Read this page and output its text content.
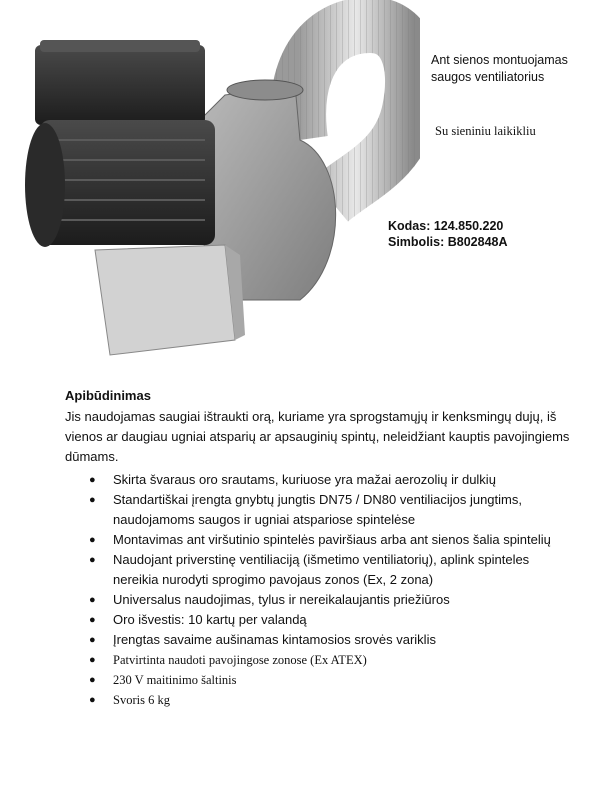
Ant sienos montuojamas
saugos ventiliatorius
Su sieniniu laikikliu
Kodas: 124.850.220
Simbolis: B802848A

Apibūdinimas

Jis naudojamas saugiai ištraukti orą, kuriame yra sprogstamųjų ir kenksmingų dujų, iš vienos ar daugiau ugniai atsparių ar apsauginių spintų, neleidžiant kauptis pavojingiems dūmams.

●	Skirta švaraus oro srautams, kuriuose yra mažai aerozolių ir dulkių
●	Standartiškai įrengta gnybtų jungtis DN75 / DN80 ventiliacijos jungtims, naudojamoms saugos ir ugniai atspariose spintelėse
●	Montavimas ant viršutinio spintelės paviršiaus arba ant sienos šalia spintelių
●	Naudojant priverstinę ventiliaciją (išmetimo ventiliatorių), aplink spinteles nereikia nurodyti sprogimo pavojaus zonos (Ex, 2 zona)
●	Universalus naudojimas, tylus ir nereikalaujantis priežiūros
●	Oro išvestis: 10 kartų per valandą
●	Įrengtas savaime aušinamas kintamosios srovės variklis
●	Patvirtinta naudoti pavojingose zonose (Ex ATEX)
●	230 V maitinimo šaltinis
●	Svoris 6 kg
